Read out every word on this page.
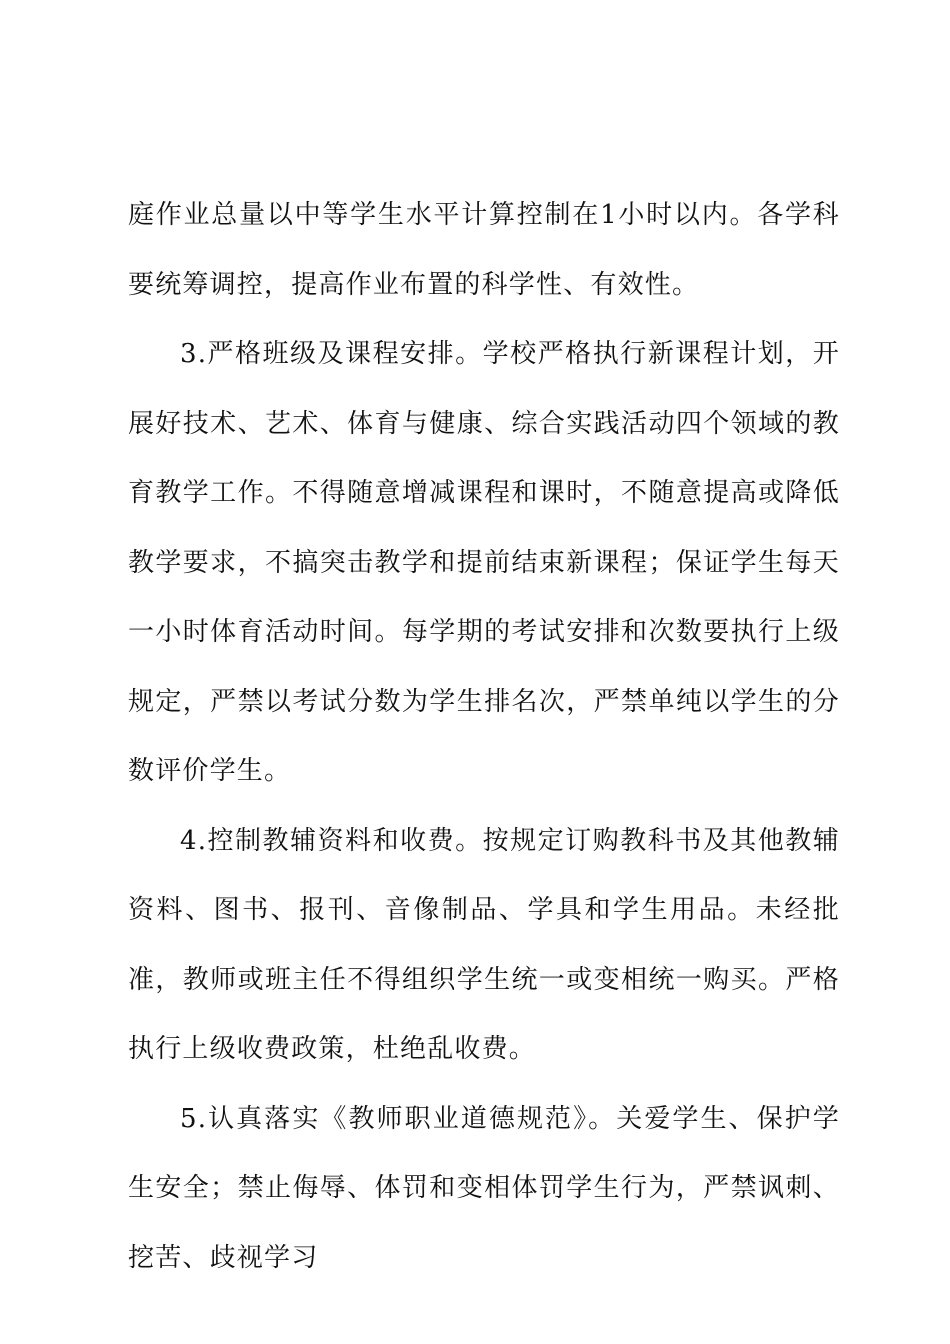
庭作业总量以中等学生水平计算控制在1小时以内。各学科要统筹调控，提高作业布置的科学性、有效性。

3.严格班级及课程安排。学校严格执行新课程计划，开展好技术、艺术、体育与健康、综合实践活动四个领域的教育教学工作。不得随意增减课程和课时，不随意提高或降低教学要求，不搞突击教学和提前结束新课程；保证学生每天一小时体育活动时间。每学期的考试安排和次数要执行上级规定，严禁以考试分数为学生排名次，严禁单纯以学生的分数评价学生。

4.控制教辅资料和收费。按规定订购教科书及其他教辅资料、图书、报刊、音像制品、学具和学生用品。未经批准，教师或班主任不得组织学生统一或变相统一购买。严格执行上级收费政策，杜绝乱收费。

5.认真落实《教师职业道德规范》。关爱学生、保护学生安全；禁止侮辱、体罚和变相体罚学生行为，严禁讽刺、挖苦、歧视学习
